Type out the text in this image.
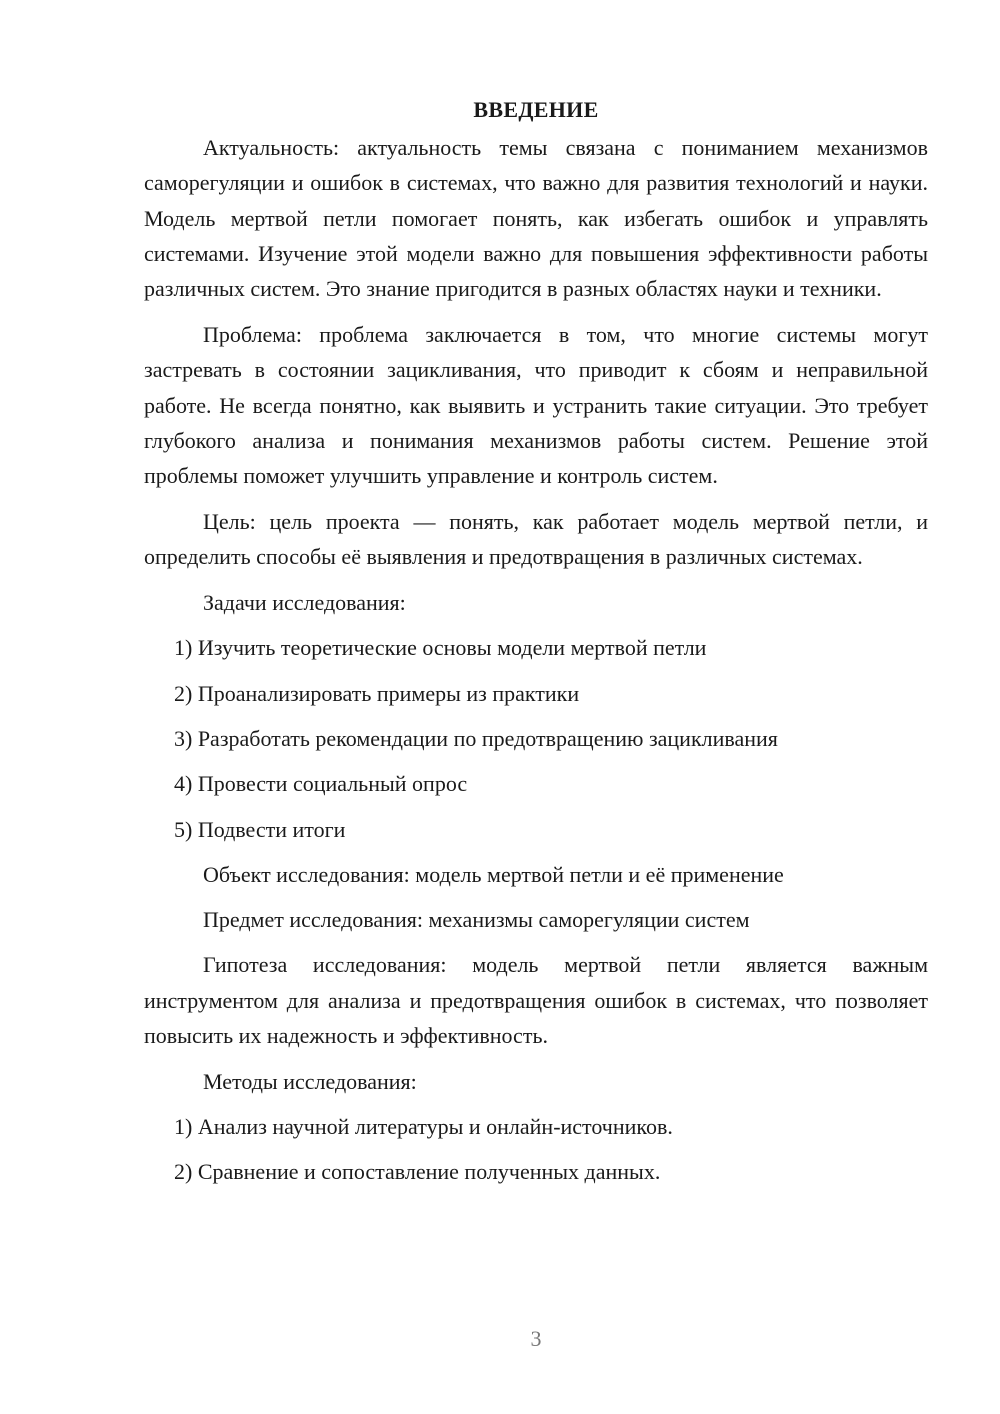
ВВЕДЕНИЕ

Актуальность: актуальность темы связана с пониманием механизмов саморегуляции и ошибок в системах, что важно для развития технологий и науки. Модель мертвой петли помогает понять, как избегать ошибок и управлять системами. Изучение этой модели важно для повышения эффективности работы различных систем. Это знание пригодится в разных областях науки и техники.

Проблема: проблема заключается в том, что многие системы могут застревать в состоянии зацикливания, что приводит к сбоям и неправильной работе. Не всегда понятно, как выявить и устранить такие ситуации. Это требует глубокого анализа и понимания механизмов работы систем. Решение этой проблемы поможет улучшить управление и контроль систем.

Цель: цель проекта — понять, как работает модель мертвой петли, и определить способы её выявления и предотвращения в различных системах.

Задачи исследования:
1) Изучить теоретические основы модели мертвой петли
2) Проанализировать примеры из практики
3) Разработать рекомендации по предотвращению зацикливания
4) Провести социальный опрос
5) Подвести итоги
Объект исследования: модель мертвой петли и её применение
Предмет исследования: механизмы саморегуляции систем

Гипотеза исследования: модель мертвой петли является важным инструментом для анализа и предотвращения ошибок в системах, что позволяет повысить их надежность и эффективность.

Методы исследования:
1) Анализ научной литературы и онлайн-источников.
2) Сравнение и сопоставление полученных данных.
3
